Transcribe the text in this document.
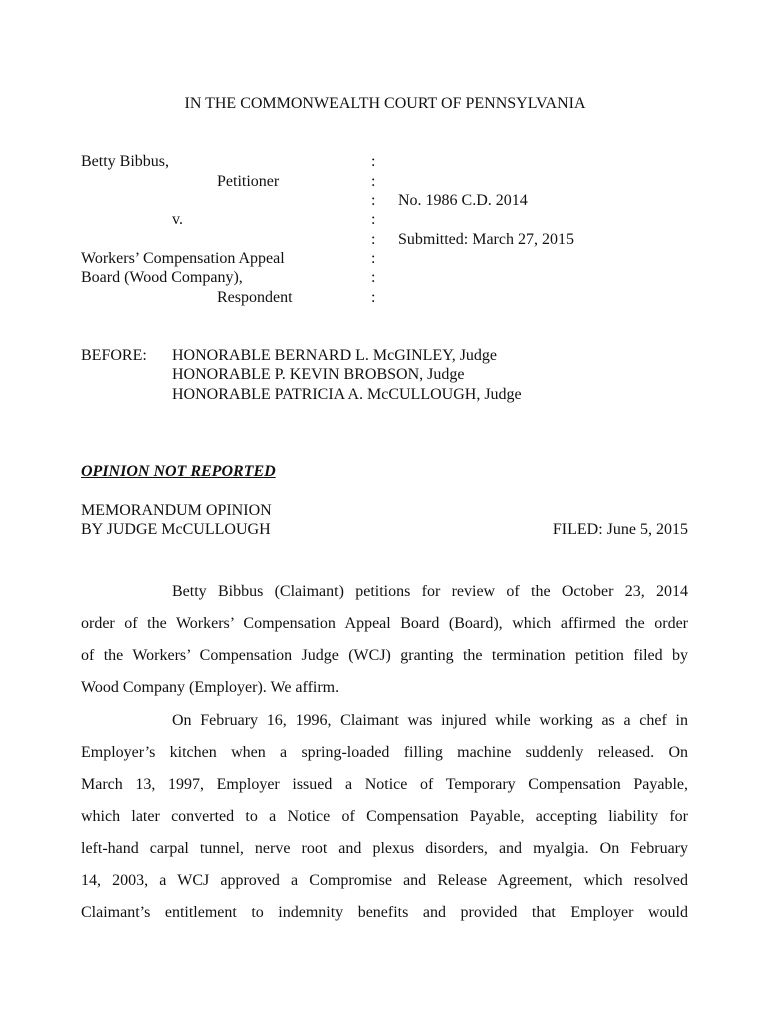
IN THE COMMONWEALTH COURT OF PENNSYLVANIA
Betty Bibbus,
Petitioner
v.
Workers’ Compensation Appeal
Board (Wood Company),
Respondent
:
:
:
:
:
:
:
:
No. 1986 C.D. 2014
Submitted: March 27, 2015
BEFORE: HONORABLE BERNARD L. McGINLEY, Judge
HONORABLE P. KEVIN BROBSON, Judge
HONORABLE PATRICIA A. McCULLOUGH, Judge
OPINION NOT REPORTED
MEMORANDUM OPINION
BY JUDGE McCULLOUGH	FILED: June 5, 2015
Betty Bibbus (Claimant) petitions for review of the October 23, 2014
order of the Workers’ Compensation Appeal Board (Board), which affirmed the order
of the Workers’ Compensation Judge (WCJ) granting the termination petition filed by
Wood Company (Employer). We affirm.
On February 16, 1996, Claimant was injured while working as a chef in
Employer’s kitchen when a spring-loaded filling machine suddenly released. On
March 13, 1997, Employer issued a Notice of Temporary Compensation Payable,
which later converted to a Notice of Compensation Payable, accepting liability for
left-hand carpal tunnel, nerve root and plexus disorders, and myalgia. On February
14, 2003, a WCJ approved a Compromise and Release Agreement, which resolved
Claimant’s entitlement to indemnity benefits and provided that Employer would
